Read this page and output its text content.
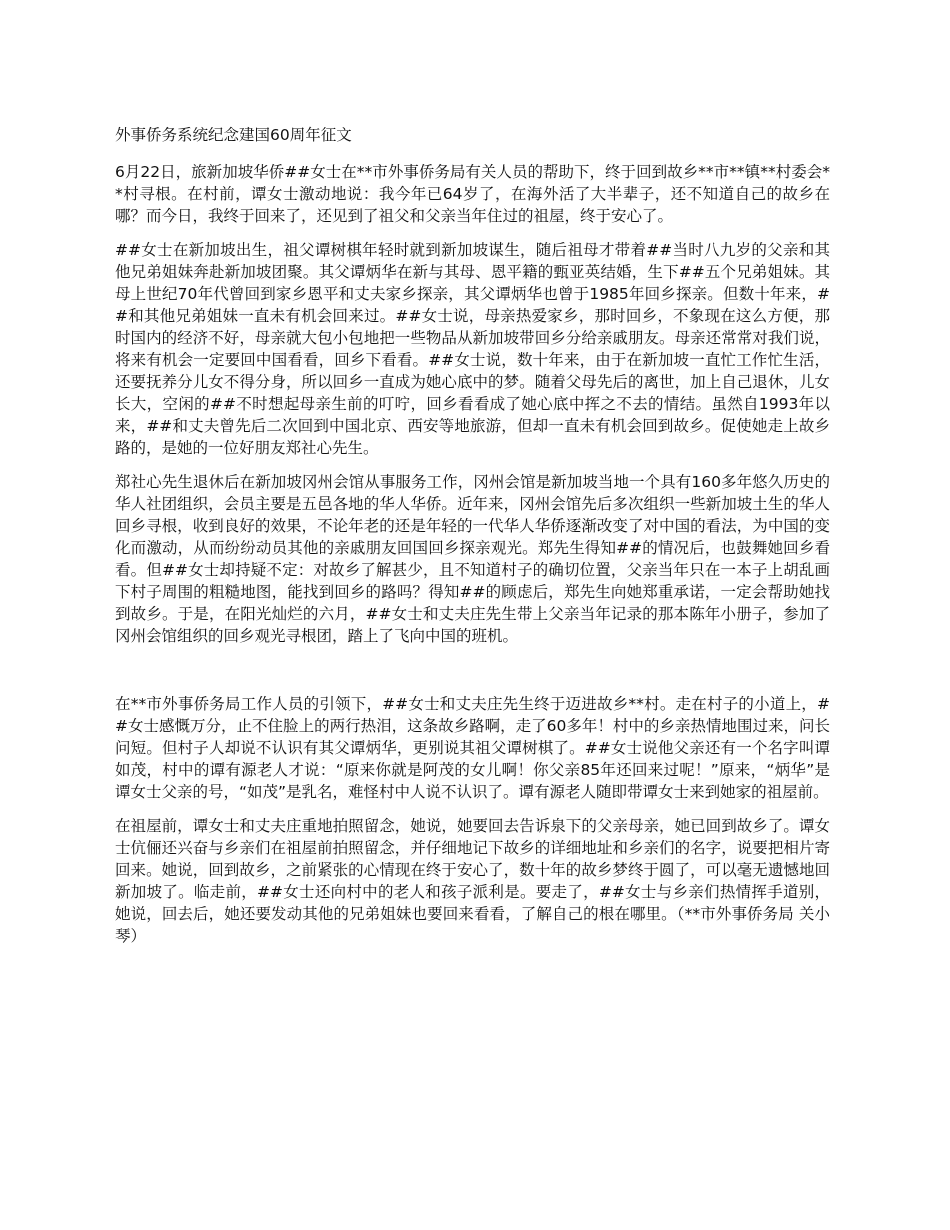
外事侨务系统纪念建国60周年征文

6月22日，旅新加坡华侨##女士在**市外事侨务局有关人员的帮助下，终于回到故乡**市**镇**村委会**村寻根。在村前，谭女士激动地说：我今年已64岁了，在海外活了大半辈子，还不知道自己的故乡在哪？而今日，我终于回来了，还见到了祖父和父亲当年住过的祖屋，终于安心了。

##女士在新加坡出生，祖父谭树棋年轻时就到新加坡谋生，随后祖母才带着##当时八九岁的父亲和其他兄弟姐妹奔赴新加坡团聚。其父谭炳华在新与其母、恩平籍的甄亚英结婚，生下##五个兄弟姐妹。其母上世纪70年代曾回到家乡恩平和丈夫家乡探亲，其父谭炳华也曾于1985年回乡探亲。但数十年来，##和其他兄弟姐妹一直未有机会回来过。##女士说，母亲热爱家乡，那时回乡，不象现在这么方便，那时国内的经济不好，母亲就大包小包地把一些物品从新加坡带回乡分给亲戚朋友。母亲还常常对我们说，将来有机会一定要回中国看看，回乡下看看。##女士说，数十年来，由于在新加坡一直忙工作忙生活，还要抚养分儿女不得分身，所以回乡一直成为她心底中的梦。随着父母先后的离世，加上自己退休，儿女长大，空闲的##不时想起母亲生前的叮咛，回乡看看成了她心底中挥之不去的情结。虽然自1993年以来，##和丈夫曾先后二次回到中国北京、西安等地旅游，但却一直未有机会回到故乡。促使她走上故乡路的，是她的一位好朋友郑社心先生。

郑社心先生退休后在新加坡冈州会馆从事服务工作，冈州会馆是新加坡当地一个具有160多年悠久历史的华人社团组织，会员主要是五邑各地的华人华侨。近年来，冈州会馆先后多次组织一些新加坡土生的华人回乡寻根，收到良好的效果，不论年老的还是年轻的一代华人华侨逐渐改变了对中国的看法，为中国的变化而激动，从而纷纷动员其他的亲戚朋友回国回乡探亲观光。郑先生得知##的情况后，也鼓舞她回乡看看。但##女士却持疑不定：对故乡了解甚少，且不知道村子的确切位置，父亲当年只在一本子上胡乱画下村子周围的粗糙地图，能找到回乡的路吗？得知##的顾虑后，郑先生向她郑重承诺，一定会帮助她找到故乡。于是，在阳光灿烂的六月，##女士和丈夫庄先生带上父亲当年记录的那本陈年小册子，参加了冈州会馆组织的回乡观光寻根团，踏上了飞向中国的班机。

在**市外事侨务局工作人员的引领下，##女士和丈夫庄先生终于迈进故乡**村。走在村子的小道上，##女士感慨万分，止不住脸上的两行热泪，这条故乡路啊，走了60多年！村中的乡亲热情地围过来，问长问短。但村子人却说不认识有其父谭炳华，更别说其祖父谭树棋了。##女士说他父亲还有一个名字叫谭如茂，村中的谭有源老人才说：“原来你就是阿茂的女儿啊！你父亲85年还回来过呢！”原来，“炳华”是谭女士父亲的号，“如茂”是乳名，难怪村中人说不认识了。谭有源老人随即带谭女士来到她家的祖屋前。

在祖屋前，谭女士和丈夫庄重地拍照留念，她说，她要回去告诉泉下的父亲母亲，她已回到故乡了。谭女士伉俪还兴奋与乡亲们在祖屋前拍照留念，并仔细地记下故乡的详细地址和乡亲们的名字，说要把相片寄回来。她说，回到故乡，之前紧张的心情现在终于安心了，数十年的故乡梦终于圆了，可以毫无遗憾地回新加坡了。临走前，##女士还向村中的老人和孩子派利是。要走了，##女士与乡亲们热情挥手道别，她说，回去后，她还要发动其他的兄弟姐妹也要回来看看，了解自己的根在哪里。（**市外事侨务局 关小琴）
